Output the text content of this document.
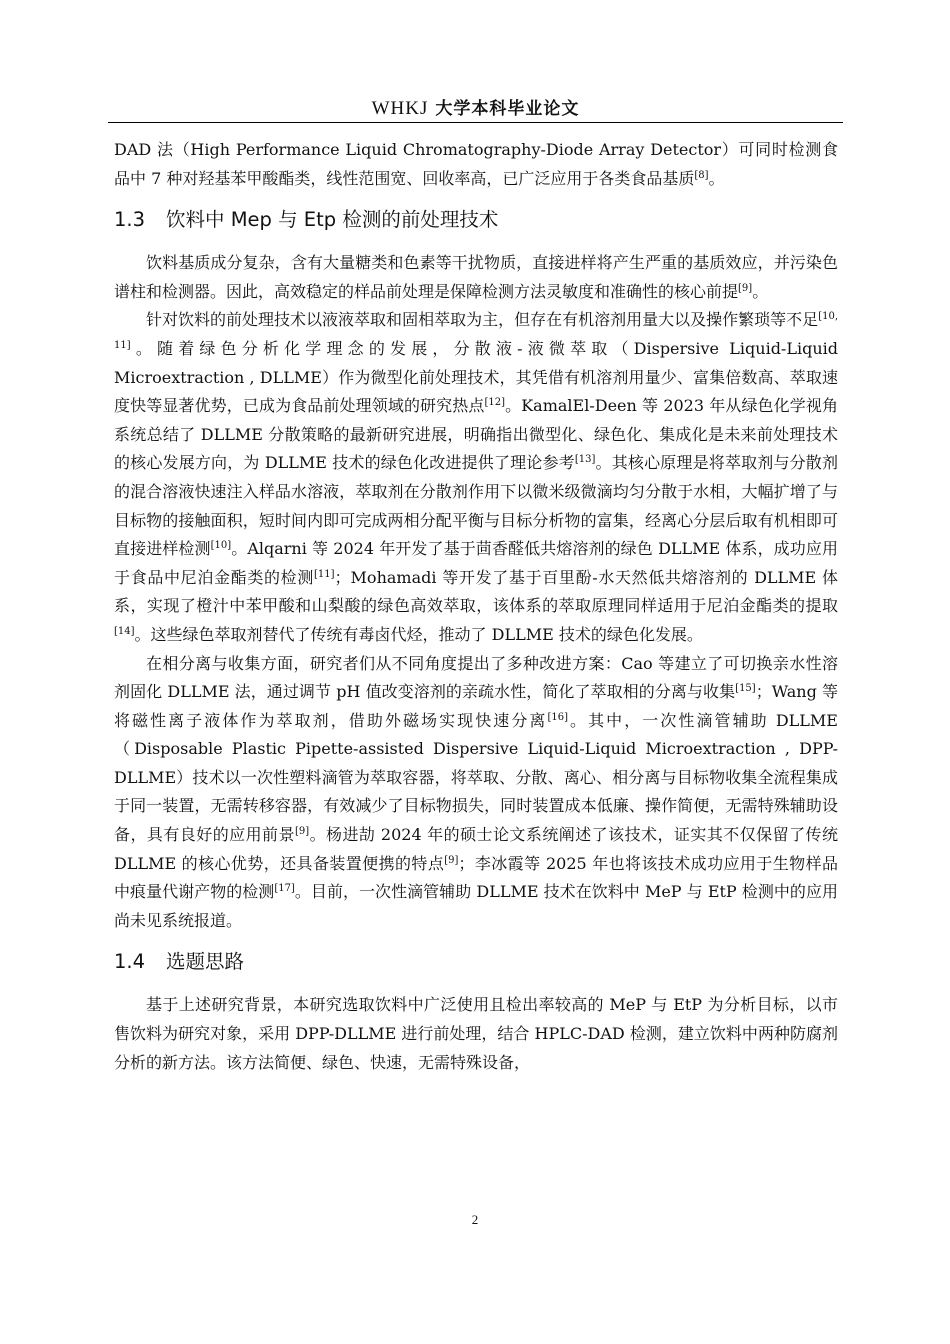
WHKJ 大学本科毕业论文

DAD 法（High Performance Liquid Chromatography-Diode Array Detector）可同时检测食品中 7 种对羟基苯甲酸酯类，线性范围宽、回收率高，已广泛应用于各类食品基质[8]。

1.3 饮料中 Mep 与 Etp 检测的前处理技术

饮料基质成分复杂，含有大量糖类和色素等干扰物质，直接进样将产生严重的基质效应，并污染色谱柱和检测器。因此，高效稳定的样品前处理是保障检测方法灵敏度和准确性的核心前提[9]。

针对饮料的前处理技术以液液萃取和固相萃取为主，但存在有机溶剂用量大以及操作繁琐等不足[10, 11]。随着绿色分析化学理念的发展，分散液-液微萃取（Dispersive Liquid-Liquid Microextraction , DLLME）作为微型化前处理技术，其凭借有机溶剂用量少、富集倍数高、萃取速度快等显著优势，已成为食品前处理领域的研究热点[12]。KamalEl-Deen 等 2023 年从绿色化学视角系统总结了 DLLME 分散策略的最新研究进展，明确指出微型化、绿色化、集成化是未来前处理技术的核心发展方向，为 DLLME 技术的绿色化改进提供了理论参考[13]。其核心原理是将萃取剂与分散剂的混合溶液快速注入样品水溶液，萃取剂在分散剂作用下以微米级微滴均匀分散于水相，大幅扩增了与目标物的接触面积，短时间内即可完成两相分配平衡与目标分析物的富集，经离心分层后取有机相即可直接进样检测[10]。Alqarni 等 2024 年开发了基于茴香醛低共熔溶剂的绿色 DLLME 体系，成功应用于食品中尼泊金酯类的检测[11]；Mohamadi 等开发了基于百里酚-水天然低共熔溶剂的 DLLME 体系，实现了橙汁中苯甲酸和山梨酸的绿色高效萃取，该体系的萃取原理同样适用于尼泊金酯类的提取[14]。这些绿色萃取剂替代了传统有毒卤代烃，推动了 DLLME 技术的绿色化发展。

在相分离与收集方面，研究者们从不同角度提出了多种改进方案：Cao 等建立了可切换亲水性溶剂固化 DLLME 法，通过调节 pH 值改变溶剂的亲疏水性，简化了萃取相的分离与收集[15]；Wang 等将磁性离子液体作为萃取剂，借助外磁场实现快速分离[16]。其中，一次性滴管辅助 DLLME（Disposable Plastic Pipette-assisted Dispersive Liquid-Liquid Microextraction , DPP-DLLME）技术以一次性塑料滴管为萃取容器，将萃取、分散、离心、相分离与目标物收集全流程集成于同一装置，无需转移容器，有效减少了目标物损失，同时装置成本低廉、操作简便，无需特殊辅助设备，具有良好的应用前景[9]。杨进劼 2024 年的硕士论文系统阐述了该技术，证实其不仅保留了传统 DLLME 的核心优势，还具备装置便携的特点[9]；李冰霞等 2025 年也将该技术成功应用于生物样品中痕量代谢产物的检测[17]。目前，一次性滴管辅助 DLLME 技术在饮料中 MeP 与 EtP 检测中的应用尚未见系统报道。

1.4 选题思路

基于上述研究背景，本研究选取饮料中广泛使用且检出率较高的 MeP 与 EtP 为分析目标，以市售饮料为研究对象，采用 DPP-DLLME 进行前处理，结合 HPLC-DAD 检测，建立饮料中两种防腐剂分析的新方法。该方法简便、绿色、快速，无需特殊设备，

2
